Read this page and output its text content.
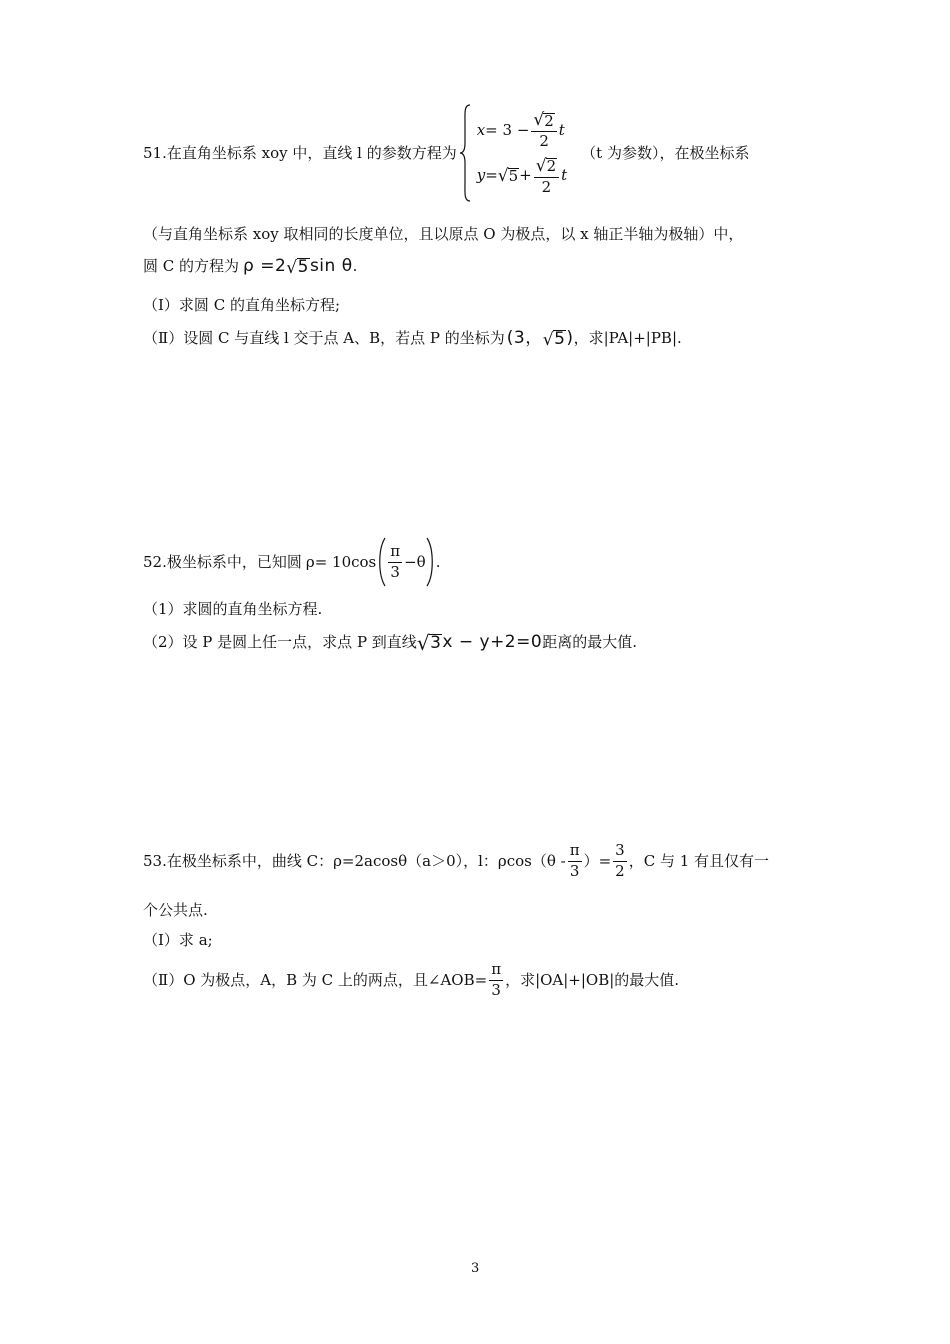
51.在直角坐标系 xoy 中，直线 l 的参数方程为
$x = 3 - \frac{√ 2}{2}$ t
y = √ $5 + \frac{√ 2}{2}$ t
（t 为参数），在极坐标系
（与直角坐标系 xoy 取相同的长度单位，且以原点 O 为极点，以 x 轴正半轴为极轴）中，
圆 C 的方程为 ρ =2 √ 5 sin θ .
（Ⅰ）求圆 C 的直角坐标方程;
（Ⅱ）设圆 C 与直线 l 交于点 A、B，若点 P 的坐标为 (3， √ 5 ) ，求|PA|+|PB|.
52.极坐标系中，已知圆 $\rho = 10\cos \frac{\pi}{3} -\theta$ .
（1）求圆的直角坐标方程.
（2）设 P 是圆上任一点，求点 P 到直线 √ 3 x − y+2=0 距离的最大值.
53.在极坐标系中，曲线 C：ρ=2acosθ（a＞0），l：$\rho\cos(\theta - \frac{\pi}{3}$ ）= $\frac{3}{2}$ ，C 与 1 有且仅有一
个公共点.
（Ⅰ）求 a;
（Ⅱ）O 为极点，A，B 为 C 上的两点，且∠AOB= $\frac{\pi}{3}$ ，求|OA|+|OB|的最大值.
3
